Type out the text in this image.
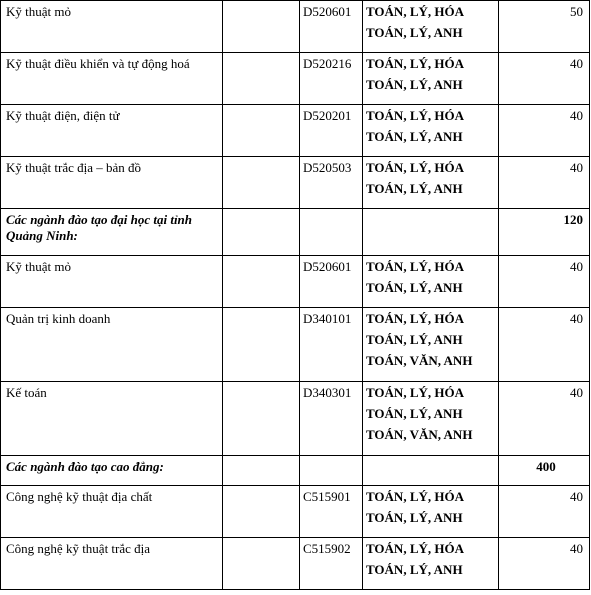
Kỹ thuật mỏ		D520601	TOÁN, LÝ, HÓA
TOÁN, LÝ, ANH	50
Kỹ thuật điều khiển và tự động hoá		D520216	TOÁN, LÝ, HÓA
TOÁN, LÝ, ANH	40
Kỹ thuật điện, điện tử		D520201	TOÁN, LÝ, HÓA
TOÁN, LÝ, ANH	40
Kỹ thuật trắc địa – bản đồ		D520503	TOÁN, LÝ, HÓA
TOÁN, LÝ, ANH	40
Các ngành đào tạo đại học tại tỉnh Quảng Ninh:				120
Kỹ thuật mỏ		D520601	TOÁN, LÝ, HÓA
TOÁN, LÝ, ANH	40
Quản trị kinh doanh		D340101	TOÁN, LÝ, HÓA
TOÁN, LÝ, ANH
TOÁN, VĂN, ANH	40
Kế toán		D340301	TOÁN, LÝ, HÓA
TOÁN, LÝ, ANH
TOÁN, VĂN, ANH	40
Các ngành đào tạo cao đẳng:				400
Công nghệ kỹ thuật địa chất		C515901	TOÁN, LÝ, HÓA
TOÁN, LÝ, ANH	40
Công nghệ kỹ thuật trắc địa		C515902	TOÁN, LÝ, HÓA
TOÁN, LÝ, ANH	40
